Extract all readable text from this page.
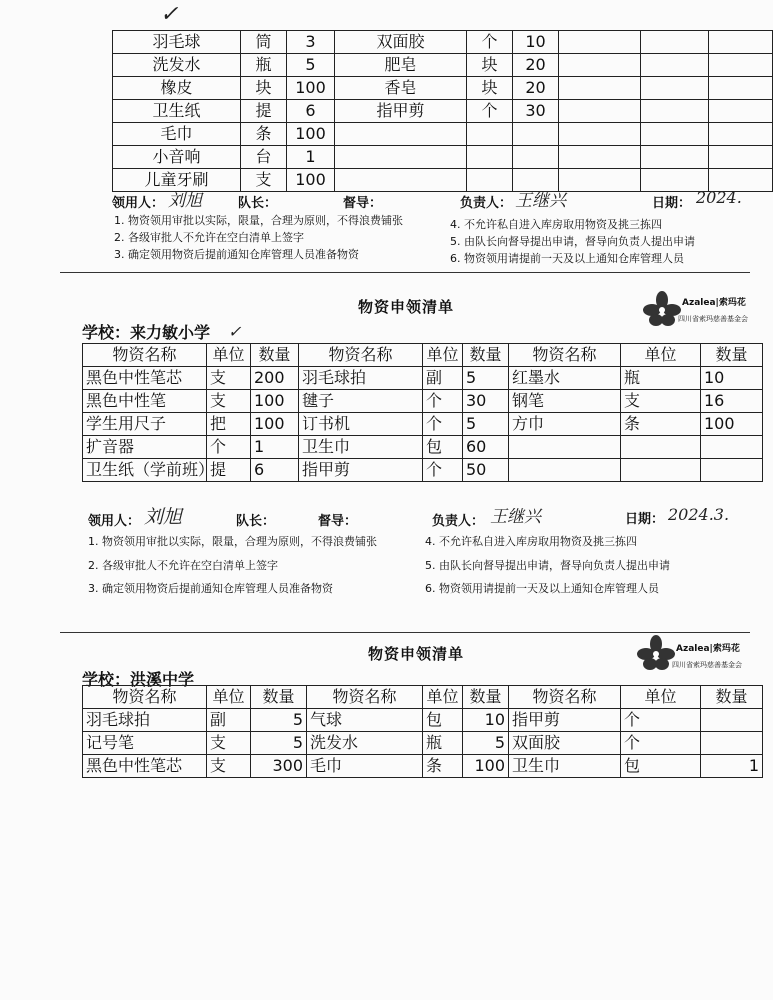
✓
羽毛球	筒	3	双面胶	个	10			
洗发水	瓶	5	肥皂	块	20			
橡皮	块	100	香皂	块	20			
卫生纸	提	6	指甲剪	个	30			
毛巾	条	100						
小音响	台	1						
儿童牙刷	支	100						
领用人： 刘旭	队长：	督导：	负责人： 王继兴	日期： 2024.
1. 物资领用审批以实际，限量，合理为原则，不得浪费铺张
2. 各级审批人不允许在空白清单上签字
3. 确定领用物资后提前通知仓库管理人员准备物资
4. 不允许私自进入库房取用物资及挑三拣四
5. 由队长向督导提出申请，督导向负责人提出申请
6. 物资领用请提前一天及以上通知仓库管理人员
物资申领清单	Azalea|索玛花
四川省索玛慈善基金会
学校：来力敏小学 ✓
物资名称	单位	数量	物资名称	单位	数量	物资名称	单位	数量
黑色中性笔芯	支	200	羽毛球拍	副	5	红墨水	瓶	10
黑色中性笔	支	100	毽子	个	30	钢笔	支	16
学生用尺子	把	100	订书机	个	5	方巾	条	100
扩音器	个	1	卫生巾	包	60			
卫生纸（学前班）	提	6	指甲剪	个	50			
领用人： 刘旭	队长：	督导：	负责人： 王继兴	日期： 2024.3.
1. 物资领用审批以实际，限量，合理为原则，不得浪费铺张
2. 各级审批人不允许在空白清单上签字
3. 确定领用物资后提前通知仓库管理人员准备物资
4. 不允许私自进入库房取用物资及挑三拣四
5. 由队长向督导提出申请，督导向负责人提出申请
6. 物资领用请提前一天及以上通知仓库管理人员
物资申领清单	Azalea|索玛花
四川省索玛慈善基金会
学校：洪溪中学
物资名称	单位	数量	物资名称	单位	数量	物资名称	单位	数量
羽毛球拍	副	5	气球	包	10	指甲剪	个	
记号笔	支	5	洗发水	瓶	5	双面胶	个	
黑色中性笔芯	支	300	毛巾	条	100	卫生巾	包	1
